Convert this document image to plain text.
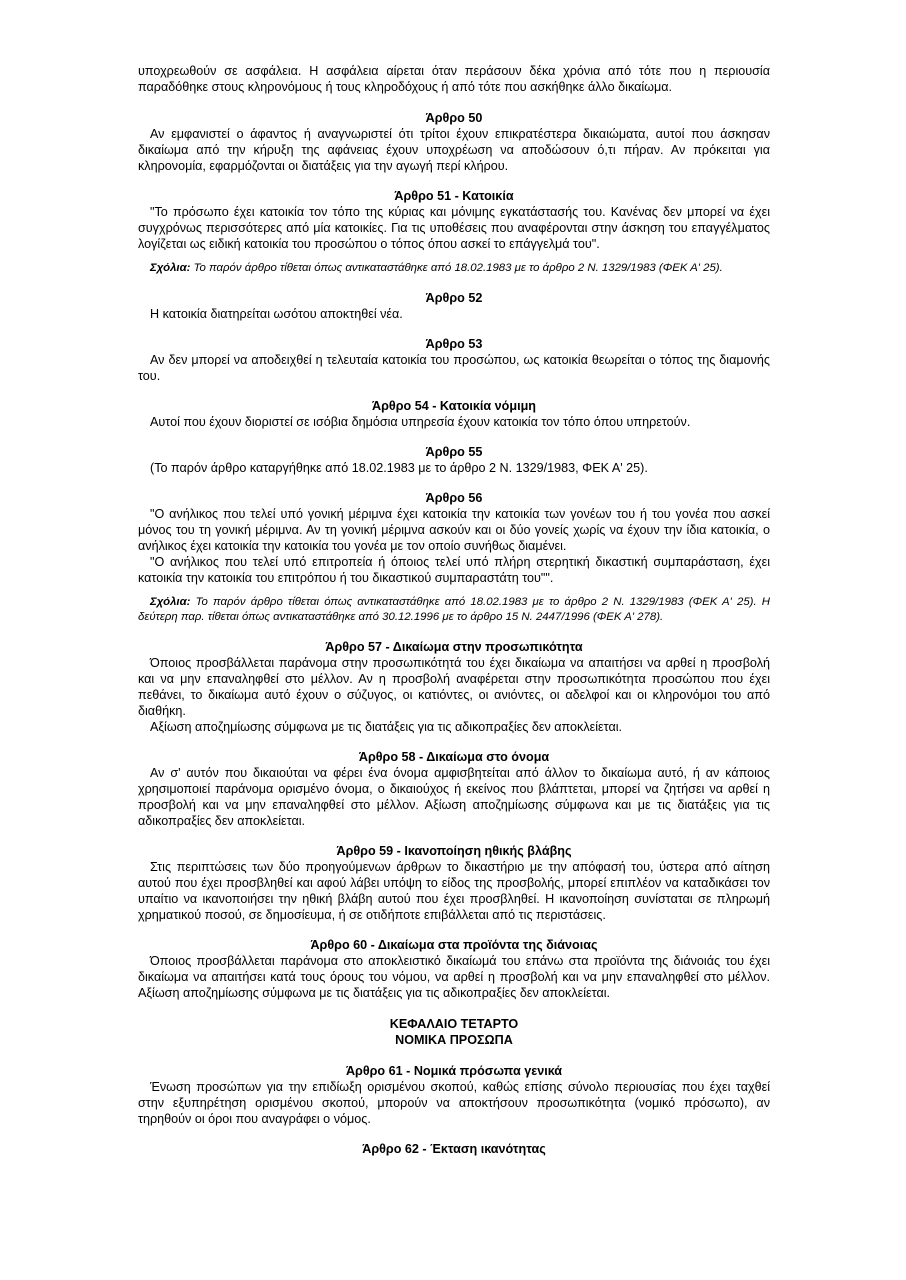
υποχρεωθούν σε ασφάλεια. Η ασφάλεια αίρεται όταν περάσουν δέκα χρόνια από τότε που η περιουσία παραδόθηκε στους κληρονόμους ή τους κληροδόχους ή από τότε που ασκήθηκε άλλο δικαίωμα.

Άρθρο 50

Αν εμφανιστεί ο άφαντος ή αναγνωριστεί ότι τρίτοι έχουν επικρατέστερα δικαιώματα, αυτοί που άσκησαν δικαίωμα από την κήρυξη της αφάνειας έχουν υποχρέωση να αποδώσουν ό,τι πήραν. Αν πρόκειται για κληρονομία, εφαρμόζονται οι διατάξεις για την αγωγή περί κλήρου.

Άρθρο 51 - Κατοικία

"Το πρόσωπο έχει κατοικία τον τόπο της κύριας και μόνιμης εγκατάστασής του. Κανένας δεν μπορεί να έχει συγχρόνως περισσότερες από μία κατοικίες. Για τις υποθέσεις που αναφέρονται στην άσκηση του επαγγέλματος λογίζεται ως ειδική κατοικία του προσώπου ο τόπος όπου ασκεί το επάγγελμά του".

Σχόλια: Το παρόν άρθρο τίθεται όπως αντικαταστάθηκε από 18.02.1983 με το άρθρο 2 Ν. 1329/1983 (ΦΕΚ Α' 25).
Άρθρο 52

Η κατοικία διατηρείται ωσότου αποκτηθεί νέα.

Άρθρο 53

Αν δεν μπορεί να αποδειχθεί η τελευταία κατοικία του προσώπου, ως κατοικία θεωρείται ο τόπος της διαμονής του.

Άρθρο 54 - Κατοικία νόμιμη

Αυτοί που έχουν διοριστεί σε ισόβια δημόσια υπηρεσία έχουν κατοικία τον τόπο όπου υπηρετούν.

Άρθρο 55

(Το παρόν άρθρο καταργήθηκε από 18.02.1983 με το άρθρο 2 Ν. 1329/1983, ΦΕΚ Α' 25).

Άρθρο 56

"Ο ανήλικος που τελεί υπό γονική μέριμνα έχει κατοικία την κατοικία των γονέων του ή του γονέα που ασκεί μόνος του τη γονική μέριμνα. Αν τη γονική μέριμνα ασκούν και οι δύο γονείς χωρίς να έχουν την ίδια κατοικία, ο ανήλικος έχει κατοικία την κατοικία του γονέα με τον οποίο συνήθως διαμένει.

"Ο ανήλικος που τελεί υπό επιτροπεία ή όποιος τελεί υπό πλήρη στερητική δικαστική συμπαράσταση, έχει κατοικία την κατοικία του επιτρόπου ή του δικαστικού συμπαραστάτη του"".

Σχόλια: Το παρόν άρθρο τίθεται όπως αντικαταστάθηκε από 18.02.1983 με το άρθρο 2 Ν. 1329/1983 (ΦΕΚ Α' 25). Η δεύτερη παρ. τίθεται όπως αντικαταστάθηκε από 30.12.1996 με το άρθρο 15 Ν. 2447/1996 (ΦΕΚ Α' 278).
Άρθρο 57 - Δικαίωμα στην προσωπικότητα

Όποιος προσβάλλεται παράνομα στην προσωπικότητά του έχει δικαίωμα να απαιτήσει να αρθεί η προσβολή και να μην επαναληφθεί στο μέλλον. Αν η προσβολή αναφέρεται στην προσωπικότητα προσώπου που έχει πεθάνει, το δικαίωμα αυτό έχουν ο σύζυγος, οι κατιόντες, οι ανιόντες, οι αδελφοί και οι κληρονόμοι του από διαθήκη.

Αξίωση αποζημίωσης σύμφωνα με τις διατάξεις για τις αδικοπραξίες δεν αποκλείεται.

Άρθρο 58 - Δικαίωμα στο όνομα

Αν σ' αυτόν που δικαιούται να φέρει ένα όνομα αμφισβητείται από άλλον το δικαίωμα αυτό, ή αν κάποιος χρησιμοποιεί παράνομα ορισμένο όνομα, ο δικαιούχος ή εκείνος που βλάπτεται, μπορεί να ζητήσει να αρθεί η προσβολή και να μην επαναληφθεί στο μέλλον. Αξίωση αποζημίωσης σύμφωνα και με τις διατάξεις για τις αδικοπραξίες δεν αποκλείεται.

Άρθρο 59 - Ικανοποίηση ηθικής βλάβης

Στις περιπτώσεις των δύο προηγούμενων άρθρων το δικαστήριο με την απόφασή του, ύστερα από αίτηση αυτού που έχει προσβληθεί και αφού λάβει υπόψη το είδος της προσβολής, μπορεί επιπλέον να καταδικάσει τον υπαίτιο να ικανοποιήσει την ηθική βλάβη αυτού που έχει προσβληθεί. Η ικανοποίηση συνίσταται σε πληρωμή χρηματικού ποσού, σε δημοσίευμα, ή σε οτιδήποτε επιβάλλεται από τις περιστάσεις.

Άρθρο 60 - Δικαίωμα στα προϊόντα της διάνοιας

Όποιος προσβάλλεται παράνομα στο αποκλειστικό δικαίωμά του επάνω στα προϊόντα της διάνοιάς του έχει δικαίωμα να απαιτήσει κατά τους όρους του νόμου, να αρθεί η προσβολή και να μην επαναληφθεί στο μέλλον. Αξίωση αποζημίωσης σύμφωνα με τις διατάξεις για τις αδικοπραξίες δεν αποκλείεται.

ΚΕΦΑΛΑΙΟ ΤΕΤΑΡΤΟ
ΝΟΜΙΚΑ ΠΡΟΣΩΠΑ
Άρθρο 61 - Νομικά πρόσωπα γενικά

Ένωση προσώπων για την επιδίωξη ορισμένου σκοπού, καθώς επίσης σύνολο περιουσίας που έχει ταχθεί στην εξυπηρέτηση ορισμένου σκοπού, μπορούν να αποκτήσουν προσωπικότητα (νομικό πρόσωπο), αν τηρηθούν οι όροι που αναγράφει ο νόμος.

Άρθρο 62 - Έκταση ικανότητας
